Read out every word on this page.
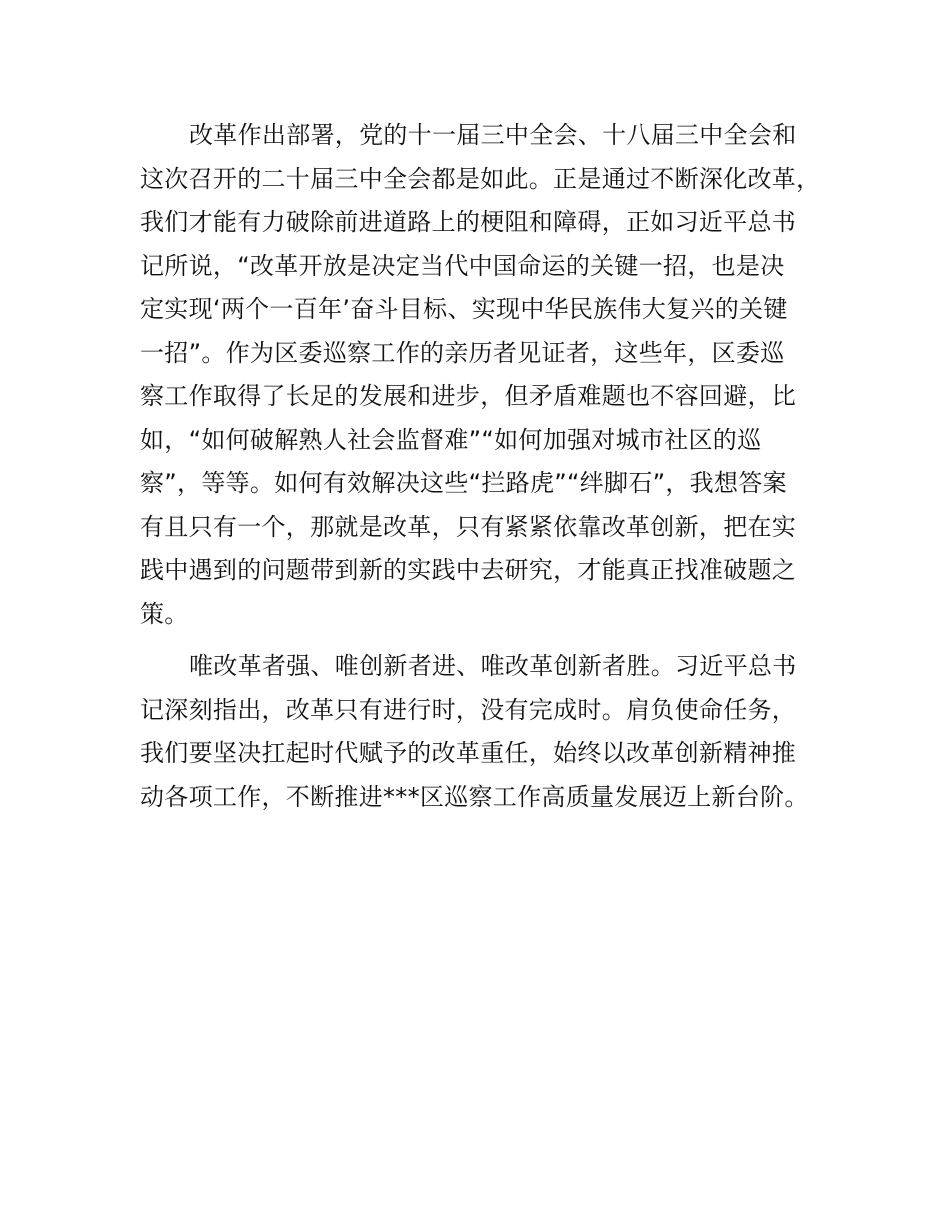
改革作出部署，党的十一届三中全会、十八届三中全会和
这次召开的二十届三中全会都是如此。正是通过不断深化改革，
我们才能有力破除前进道路上的梗阻和障碍，正如习近平总书
记所说，“改革开放是决定当代中国命运的关键一招，也是决
定实现‘两个一百年’奋斗目标、实现中华民族伟大复兴的关键
一招”。作为区委巡察工作的亲历者见证者，这些年，区委巡
察工作取得了长足的发展和进步，但矛盾难题也不容回避，比
如，“如何破解熟人社会监督难”“如何加强对城市社区的巡
察”，等等。如何有效解决这些“拦路虎”“绊脚石”，我想答案
有且只有一个，那就是改革，只有紧紧依靠改革创新，把在实
践中遇到的问题带到新的实践中去研究，才能真正找准破题之
策。
唯改革者强、唯创新者进、唯改革创新者胜。习近平总书
记深刻指出，改革只有进行时，没有完成时。肩负使命任务，
我们要坚决扛起时代赋予的改革重任，始终以改革创新精神推
动各项工作，不断推进***区巡察工作高质量发展迈上新台阶。
